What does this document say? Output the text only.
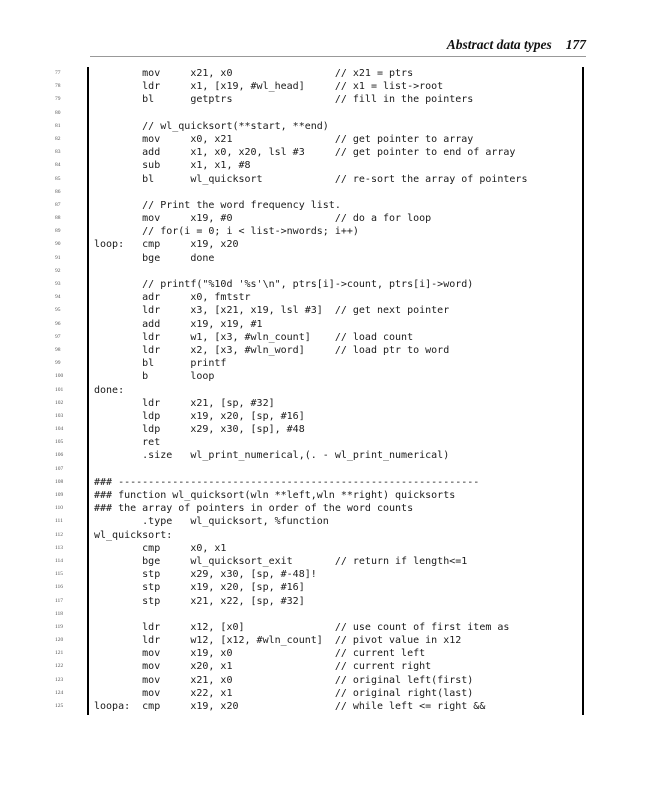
Abstract data types 177
77	mov     x21, x0                 // x21 = ptrs
78	ldr     x1, [x19, #wl_head]     // x1 = list->root
79	bl      getptrs                 // fill in the pointers
80
81	// wl_quicksort(**start, **end)
82	mov     x0, x21                 // get pointer to array
83	add     x1, x0, x20, lsl #3     // get pointer to end of array
84	sub     x1, x1, #8
85	bl      wl_quicksort            // re-sort the array of pointers
86
87	// Print the word frequency list.
88	mov     x19, #0                 // do a for loop
89	// for(i = 0; i < list->nwords; i++)
90	loop:   cmp     x19, x20
91	bge     done
92
93	// printf("%10d '%s'\n", ptrs[i]->count, ptrs[i]->word)
94	adr     x0, fmtstr
95	ldr     x3, [x21, x19, lsl #3]  // get next pointer
96	add     x19, x19, #1
97	ldr     w1, [x3, #wln_count]    // load count
98	ldr     x2, [x3, #wln_word]     // load ptr to word
99	bl      printf
100	b       loop
101	done:
102	ldr     x21, [sp, #32]
103	ldp     x19, x20, [sp, #16]
104	ldp     x29, x30, [sp], #48
105	ret
106	.size   wl_print_numerical,(. - wl_print_numerical)
107
108	### ------------------------------------------------------------
109	### function wl_quicksort(wln **left,wln **right) quicksorts
110	### the array of pointers in order of the word counts
111	.type   wl_quicksort, %function
112	wl_quicksort:
113	cmp     x0, x1
114	bge     wl_quicksort_exit       // return if length<=1
115	stp     x29, x30, [sp, #-48]!
116	stp     x19, x20, [sp, #16]
117	stp     x21, x22, [sp, #32]
118
119	ldr     x12, [x0]               // use count of first item as
120	ldr     w12, [x12, #wln_count]  // pivot value in x12
121	mov     x19, x0                 // current left
122	mov     x20, x1                 // current right
123	mov     x21, x0                 // original left(first)
124	mov     x22, x1                 // original right(last)
125	loopa:  cmp     x19, x20                // while left <= right &&
